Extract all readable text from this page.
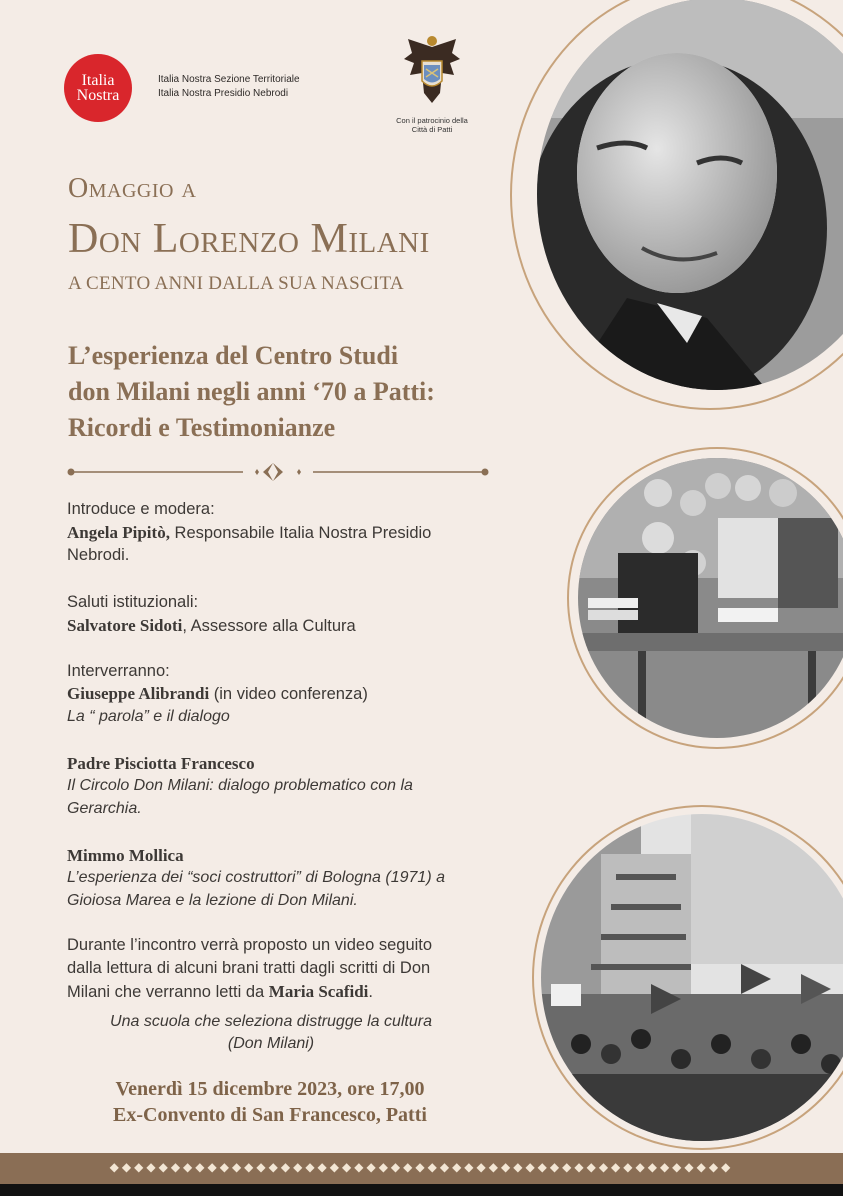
Italia
Nostra
Italia Nostra Sezione Territoriale
Italia Nostra Presidio Nebrodi
Con il patrocinio della
Città di Patti
Omaggio a
Don Lorenzo Milani
A CENTO ANNI DALLA SUA NASCITA
L’esperienza del Centro Studi
don Milani negli anni ‘70 a Patti:
Ricordi e Testimonianze
Introduce e modera:
Angela Pipitò, Responsabile Italia Nostra Presidio
Nebrodi.
Saluti istituzionali:
Salvatore Sidoti, Assessore alla Cultura
Interverranno:
Giuseppe Alibrandi (in video conferenza)
La “ parola” e il dialogo
Padre Pisciotta Francesco
Il Circolo Don Milani: dialogo problematico con la
Gerarchia.
Mimmo Mollica
L’esperienza dei “soci costruttori” di Bologna (1971) a
Gioiosa Marea e la lezione di Don Milani.
Durante l’incontro verrà proposto un video seguito
dalla lettura di alcuni brani tratti dagli scritti di Don
Milani che verranno letti da Maria Scafidi.
Una scuola che seleziona distrugge la cultura
(Don Milani)
Venerdì 15 dicembre 2023, ore 17,00
Ex-Convento di San Francesco, Patti
◆◆◆◆◆◆◆◆◆◆◆◆◆◆◆◆◆◆◆◆◆◆◆◆◆◆◆◆◆◆◆◆◆◆◆◆◆◆◆◆◆◆◆◆◆◆◆◆◆◆◆
